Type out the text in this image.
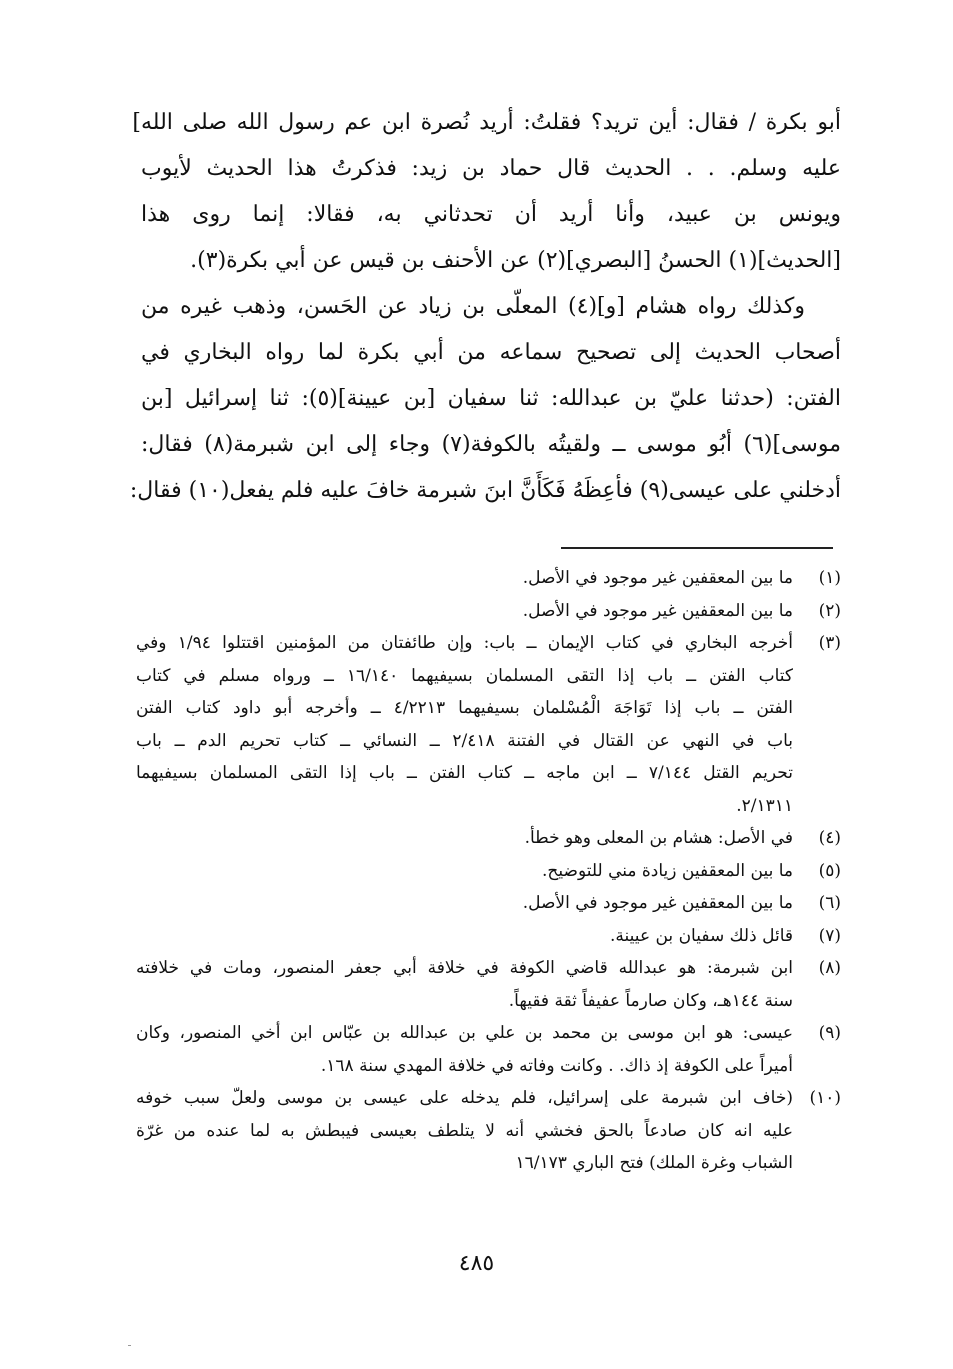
[ أبو بكرة / فقال: أين تريد؟ فقلتُ: أريد نُصرة ابن عم رسول الله صلى الله
عليه وسلم. . . الحديث قال حماد بن زيد: فذكرتُ هذا الحديث لأيوب
ويونس بن عبيد، وأنا أريد أن تحدثاني به، فقالا: إنما روى هذا
[الحديث](١) الحسنُ [البصري](٢) عن الأحنف بن قيس عن أبي بكرة(٣).
وكذلك رواه هشام [و](٤) المعلّى بن زياد عن الحَسن، وذهب غيره من
أصحاب الحديث إلى تصحيح سماعه من أبي بكرة لما رواه البخاري في
الفتن: (حدثنا عليّ بن عبدالله: ثنا سفيان [بن عيينة](٥): ثنا إسرائيل [بن
موسى](٦) أبُو موسى ــ ولقيتُه بالكوفة(٧) وجاء إلى ابن شبرمة(٨) فقال:
أدخلني على عيسى(٩) فأعِظَهُ فَكَأَنَّ ابنَ شبرمة خافَ عليه فلم يفعل(١٠) فقال:
(١)
ما بين المعقفين غير موجود في الأصل.
(٢)
ما بين المعقفين غير موجود في الأصل.
(٣)
أخرجه البخاري في كتاب الإيمان ــ باب: وإن طائفتان من المؤمنين اقتتلوا ١/٩٤ وفي
كتاب الفتن ــ باب إذا التقى المسلمان بسيفيهما ١٦/١٤٠ ــ ورواه مسلم في كتاب
الفتن ــ باب إذا تَوَاجَهَ الْمُسْلمان بسيفيهما ٤/٢٢١٣ ــ وأخرجه أبو داود كتاب الفتن
باب في النهي عن القتال في الفتنة ٢/٤١٨ ــ النسائي ــ كتاب تحريم الدم ــ باب
تحريم القتل ٧/١٤٤ ــ ابن ماجه ــ كتاب الفتن ــ باب إذا التقى المسلمان بسيفيهما
٢/١٣١١.
(٤)
في الأصل: هشام بن المعلى وهو خطأ.
(٥)
ما بين المعقفين زيادة مني للتوضيح.
(٦)
ما بين المعقفين غير موجود في الأصل.
(٧)
قائل ذلك سفيان بن عيينة.
(٨)
ابن شبرمة: هو عبدالله قاضي الكوفة في خلافة أبي جعفر المنصور، ومات في خلافته
سنة ١٤٤هـ، وكان صارماً عفيفاً ثقة فقيهاً.
(٩)
عيسى: هو ابن موسى بن محمد بن علي بن عبدالله بن عبّاس ابن أخي المنصور، وكان
أميراً على الكوفة إذ ذاك. . وكانت وفاته في خلافة المهدي سنة ١٦٨.
(١٠)
(خاف ابن شبرمة على إسرائيل، فلم يدخله على عيسى بن موسى ولعلّ سبب خوفه
عليه انه كان صادعاً بالحق فخشي أنه لا يتلطف بعيسى فيبطش به لما عنده من غرّة
الشباب وغرة الملك) فتح الباري ١٦/١٧٣
٤٨٥
